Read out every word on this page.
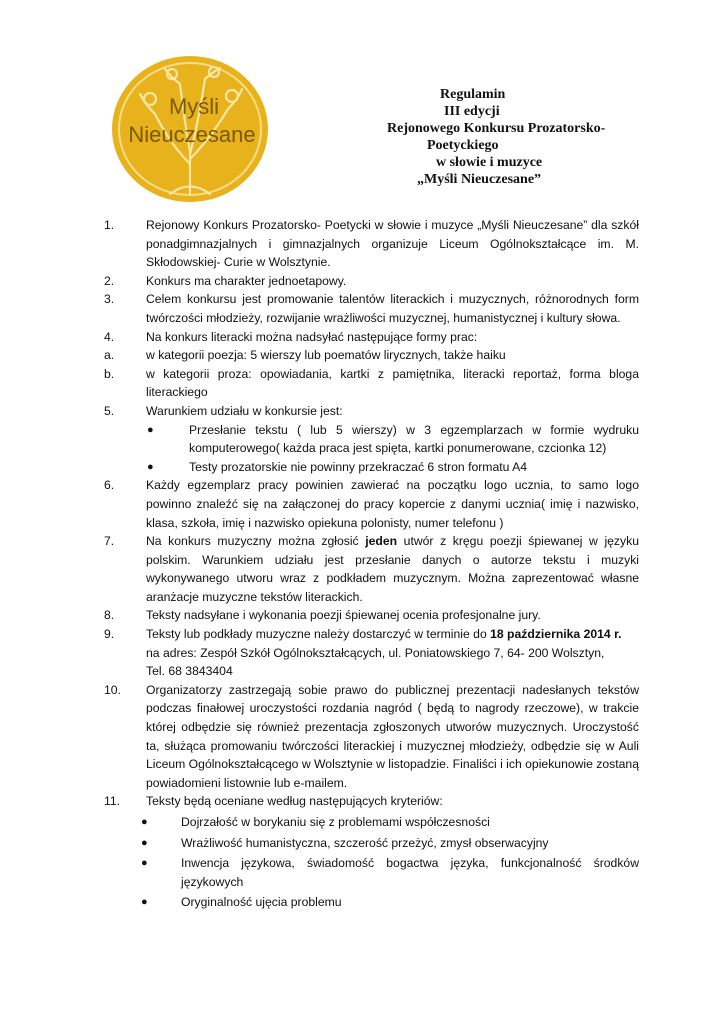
Myśli
Nieuczesane
Regulamin
III edycji
Rejonowego Konkursu Prozatorsko-
Poetyckiego
w słowie i muzyce
„Myśli Nieuczesane”
1.	Rejonowy Konkurs Prozatorsko- Poetycki w słowie i muzyce „Myśli Nieuczesane” dla szkół ponadgimnazjalnych i gimnazjalnych organizuje Liceum Ogólnokształcące im. M. Skłodowskiej- Curie w Wolsztynie.
2.	Konkurs ma charakter jednoetapowy.
3.	Celem konkursu jest promowanie talentów literackich i muzycznych, różnorodnych form twórczości młodzieży, rozwijanie wrażliwości muzycznej, humanistycznej i kultury słowa.
4.	Na konkurs literacki można nadsyłać następujące formy prac:
a.	w kategorii poezja: 5 wierszy lub poematów lirycznych, także haiku
b.	w kategorii proza: opowiadania, kartki z pamiętnika, literacki reportaż, forma bloga literackiego
5.	Warunkiem udziału w konkursie jest:
●	Przesłanie tekstu ( lub 5 wierszy) w 3 egzemplarzach w formie wydruku komputerowego( każda praca jest spięta, kartki ponumerowane, czcionka 12)
●	Testy prozatorskie nie powinny przekraczać 6 stron formatu A4
6.	Każdy egzemplarz pracy powinien zawierać na początku logo ucznia, to samo logo powinno znaleźć się na załączonej do pracy kopercie z danymi ucznia( imię i nazwisko, klasa, szkoła, imię i nazwisko opiekuna polonisty, numer telefonu )
7.	Na konkurs muzyczny można zgłosić jeden utwór z kręgu poezji śpiewanej w języku polskim. Warunkiem udziału jest przesłanie danych o autorze tekstu i muzyki wykonywanego utworu wraz z podkładem muzycznym. Można zaprezentować własne aranżacje muzyczne tekstów literackich.
8.	Teksty nadsyłane i wykonania poezji śpiewanej ocenia profesjonalne jury.
9.	Teksty lub podkłady muzyczne należy dostarczyć w terminie do 18 października 2014 r.
na adres: Zespół Szkół Ogólnokształcących, ul. Poniatowskiego 7, 64- 200 Wolsztyn,
Tel. 68 3843404
10. Organizatorzy zastrzegają sobie prawo do publicznej prezentacji nadesłanych tekstów podczas finałowej uroczystości rozdania nagród ( będą to nagrody rzeczowe), w trakcie której odbędzie się również prezentacja zgłoszonych utworów muzycznych. Uroczystość ta, służąca promowaniu twórczości literackiej i muzycznej młodzieży, odbędzie się w Auli Liceum Ogólnokształcącego w Wolsztynie w listopadzie. Finaliści i ich opiekunowie zostaną powiadomieni listownie lub e-mailem.
11. Teksty będą oceniane według następujących kryteriów:
●	Dojrzałość w borykaniu się z problemami współczesności
●	Wrażliwość humanistyczna, szczerość przeżyć, zmysł obserwacyjny
●	Inwencja językowa, świadomość bogactwa języka, funkcjonalność środków językowych
●	Oryginalność ujęcia problemu
